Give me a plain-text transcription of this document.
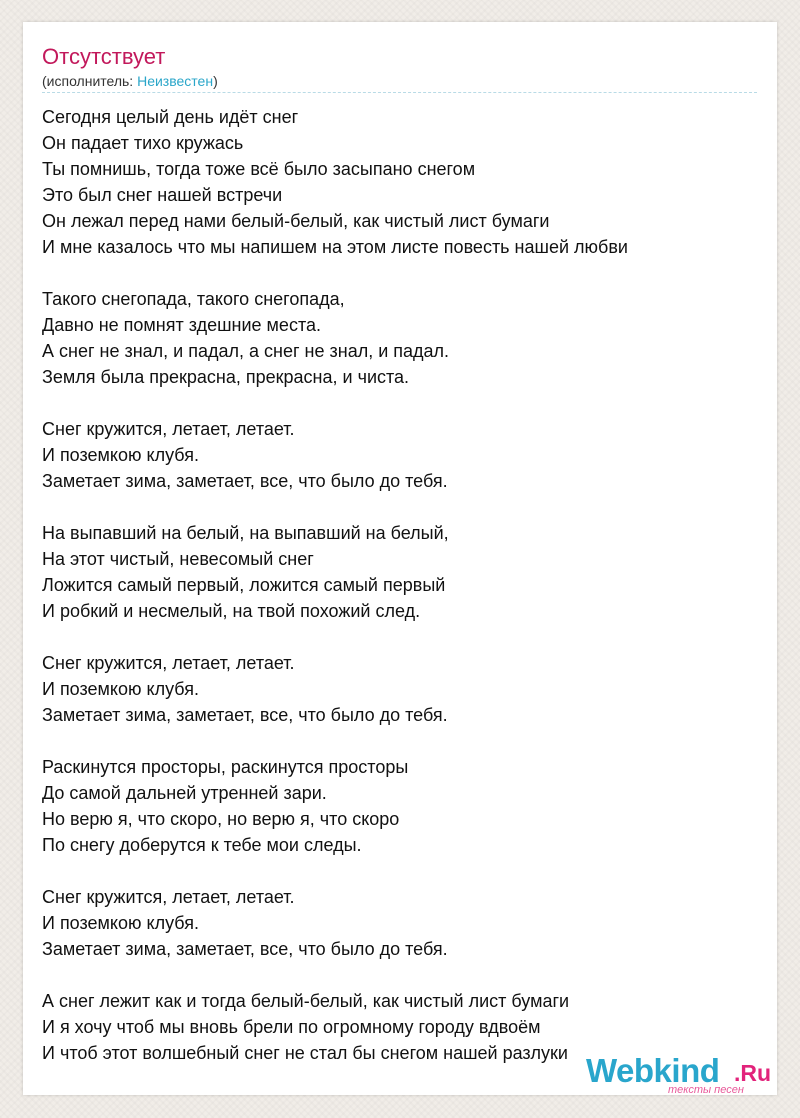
Отсутствует
(исполнитель: Неизвестен)
Сегодня целый день идёт снег
Он падает тихо кружась
Ты помнишь, тогда тоже всё было засыпано снегом
Это был снег нашей встречи
Он лежал перед нами белый-белый, как чистый лист бумаги
И мне казалось что мы напишем на этом листе повесть нашей любви
Такого снегопада, такого снегопада,
Давно не помнят здешние места.
А снег не знал, и падал, а снег не знал, и падал.
Земля была прекрасна, прекрасна, и чиста.
Снег кружится, летает, летает.
И поземкою клубя.
Заметает зима, заметает, все, что было до тебя.
На выпавший на белый, на выпавший на белый,
На этот чистый, невесомый снег
Ложится самый первый, ложится самый первый
И робкий и несмелый, на твой похожий след.
Снег кружится, летает, летает.
И поземкою клубя.
Заметает зима, заметает, все, что было до тебя.
Раскинутся просторы, раскинутся просторы
До самой дальней утренней зари.
Но верю я, что скоро, но верю я, что скоро
По снегу доберутся к тебе мои следы.
Снег кружится, летает, летает.
И поземкою клубя.
Заметает зима, заметает, все, что было до тебя.
А снег лежит как и тогда белый-белый, как чистый лист бумаги
И я хочу чтоб мы вновь брели по огромному городу вдвоём
И чтоб этот волшебный снег не стал бы снегом нашей разлуки Webkind .Ru
тексты песен
